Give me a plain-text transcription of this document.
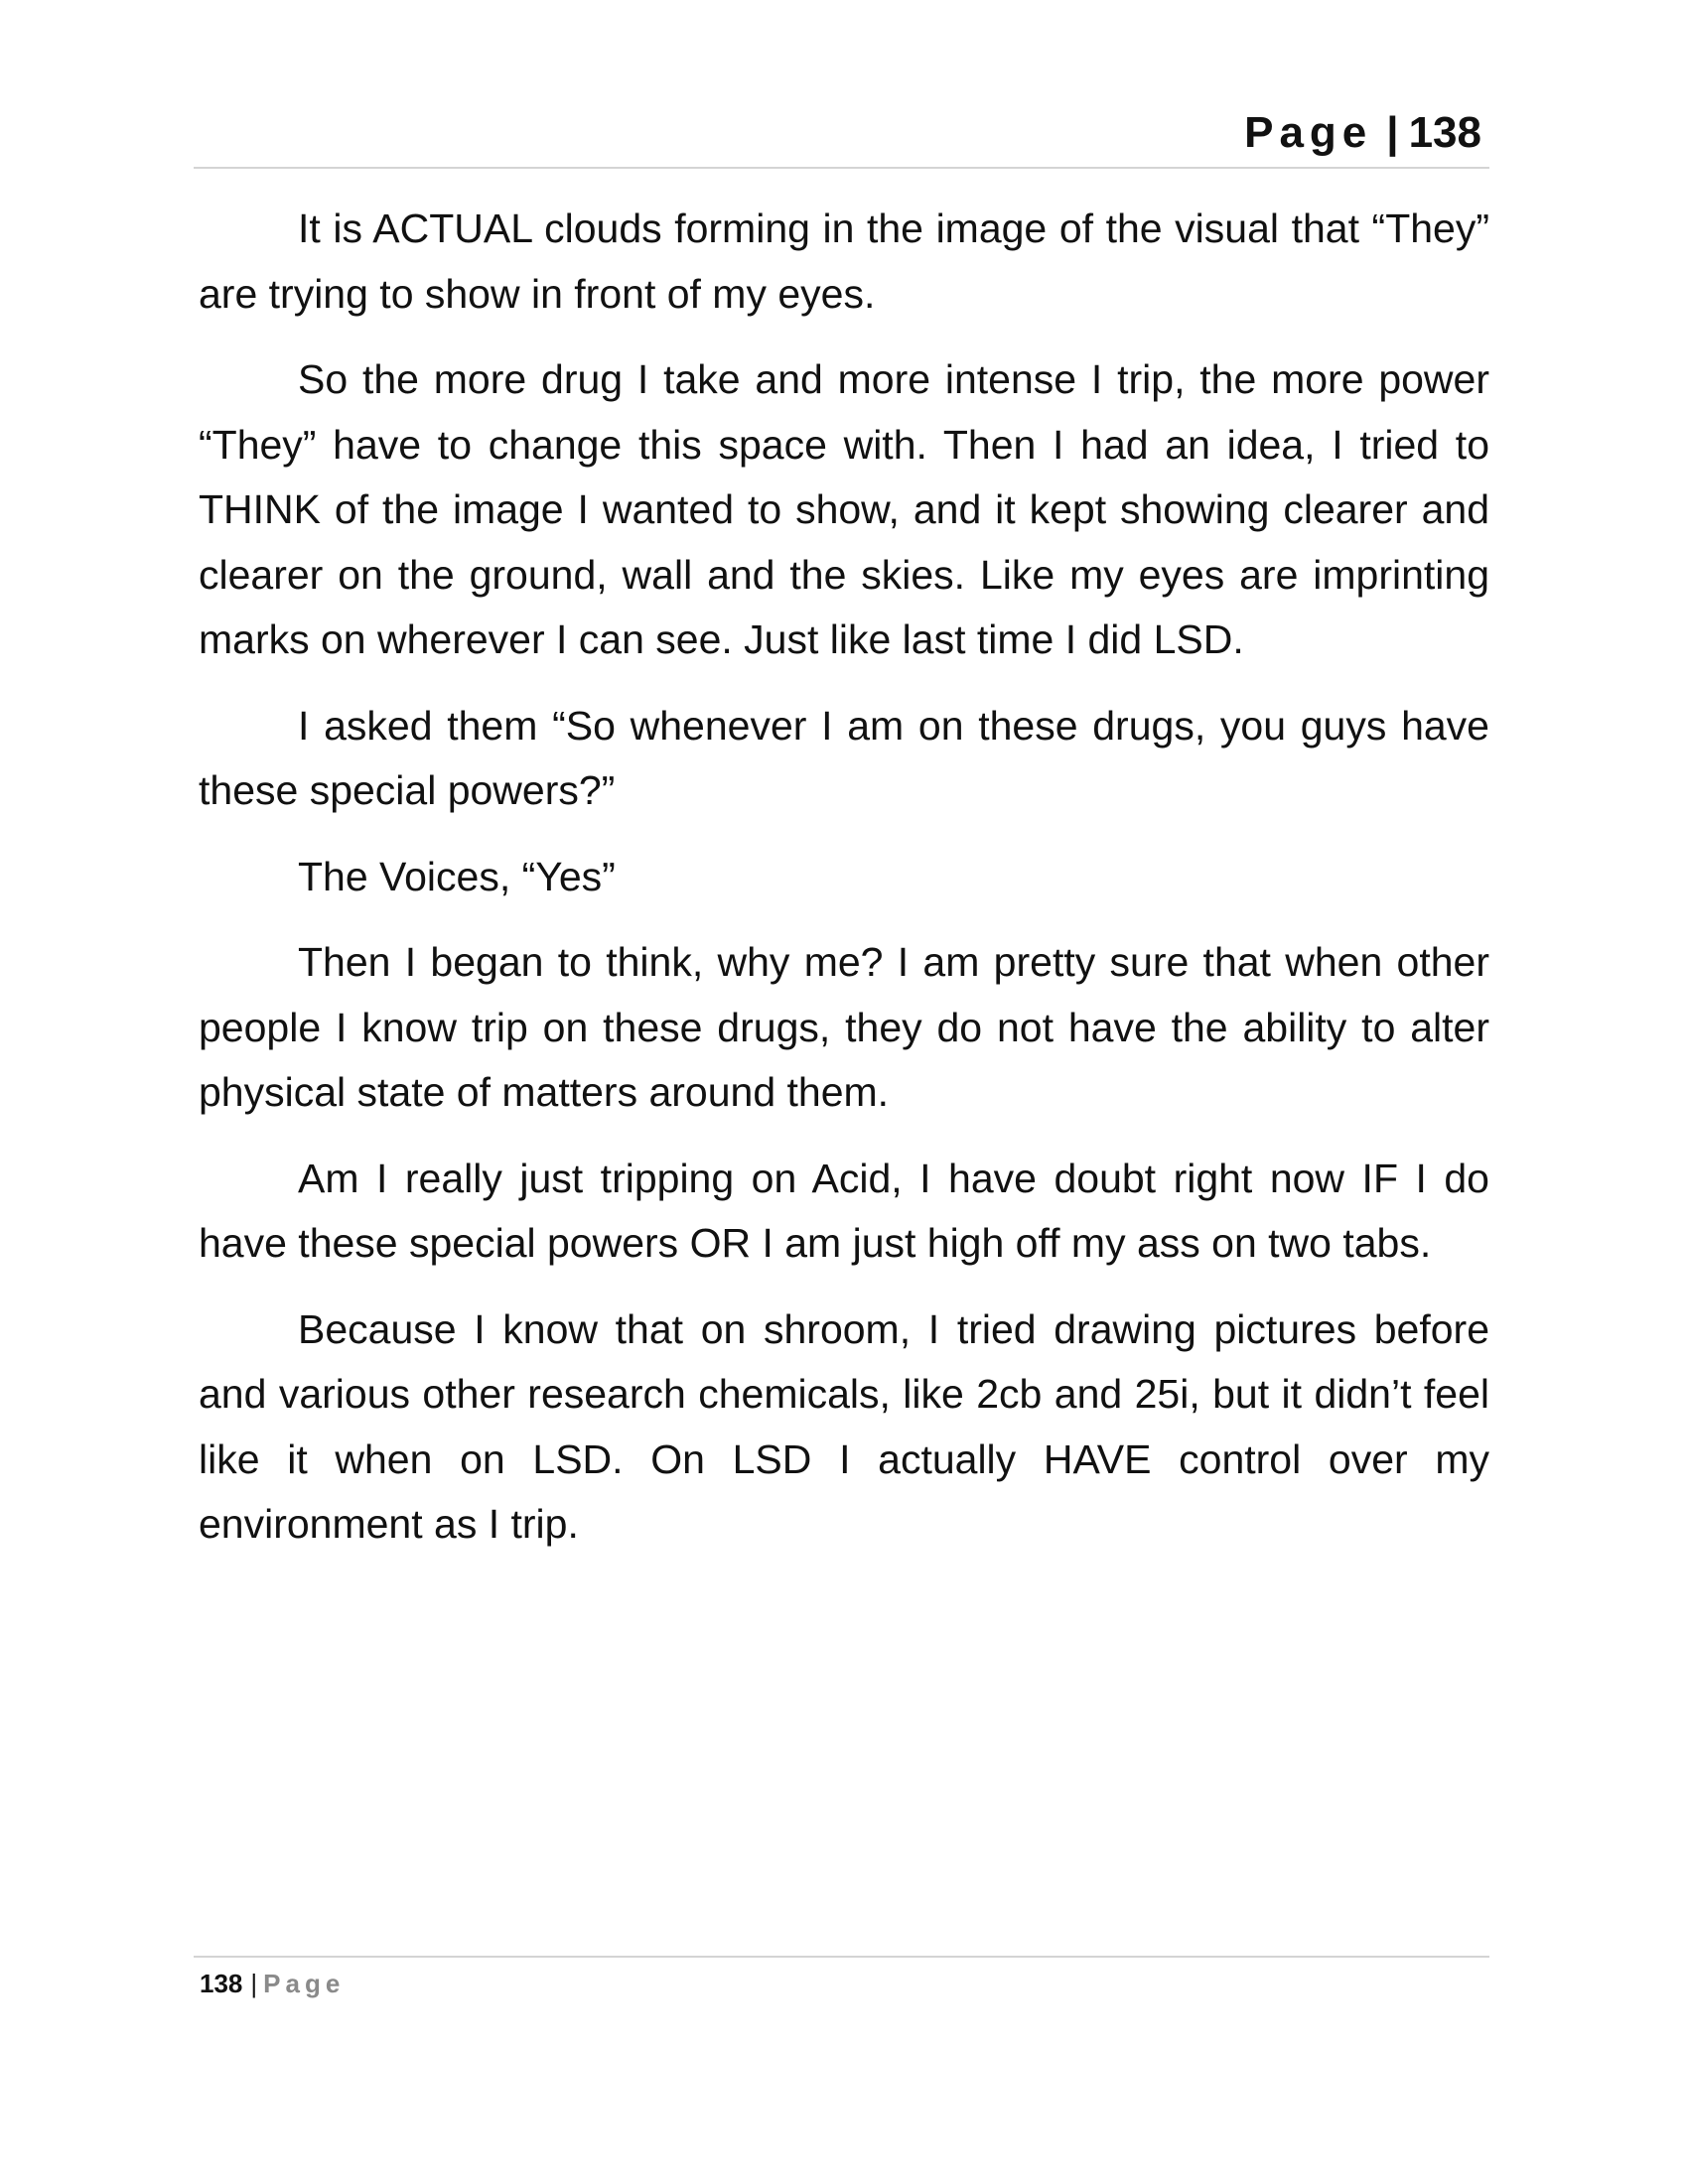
Page | 138

It is ACTUAL clouds forming in the image of the visual that “They” are trying to show in front of my eyes.

So the more drug I take and more intense I trip, the more power “They” have to change this space with. Then I had an idea, I tried to THINK of the image I wanted to show, and it kept showing clearer and clearer on the ground, wall and the skies. Like my eyes are imprinting marks on wherever I can see. Just like last time I did LSD.

I asked them “So whenever I am on these drugs, you guys have these special powers?”

The Voices, “Yes”

Then I began to think, why me? I am pretty sure that when other people I know trip on these drugs, they do not have the ability to alter physical state of matters around them.

Am I really just tripping on Acid, I have doubt right now IF I do have these special powers OR I am just high off my ass on two tabs.

Because I know that on shroom, I tried drawing pictures before and various other research chemicals, like 2cb and 25i, but it didn’t feel like it when on LSD. On LSD I actually HAVE control over my environment as I trip.

138 | Page
